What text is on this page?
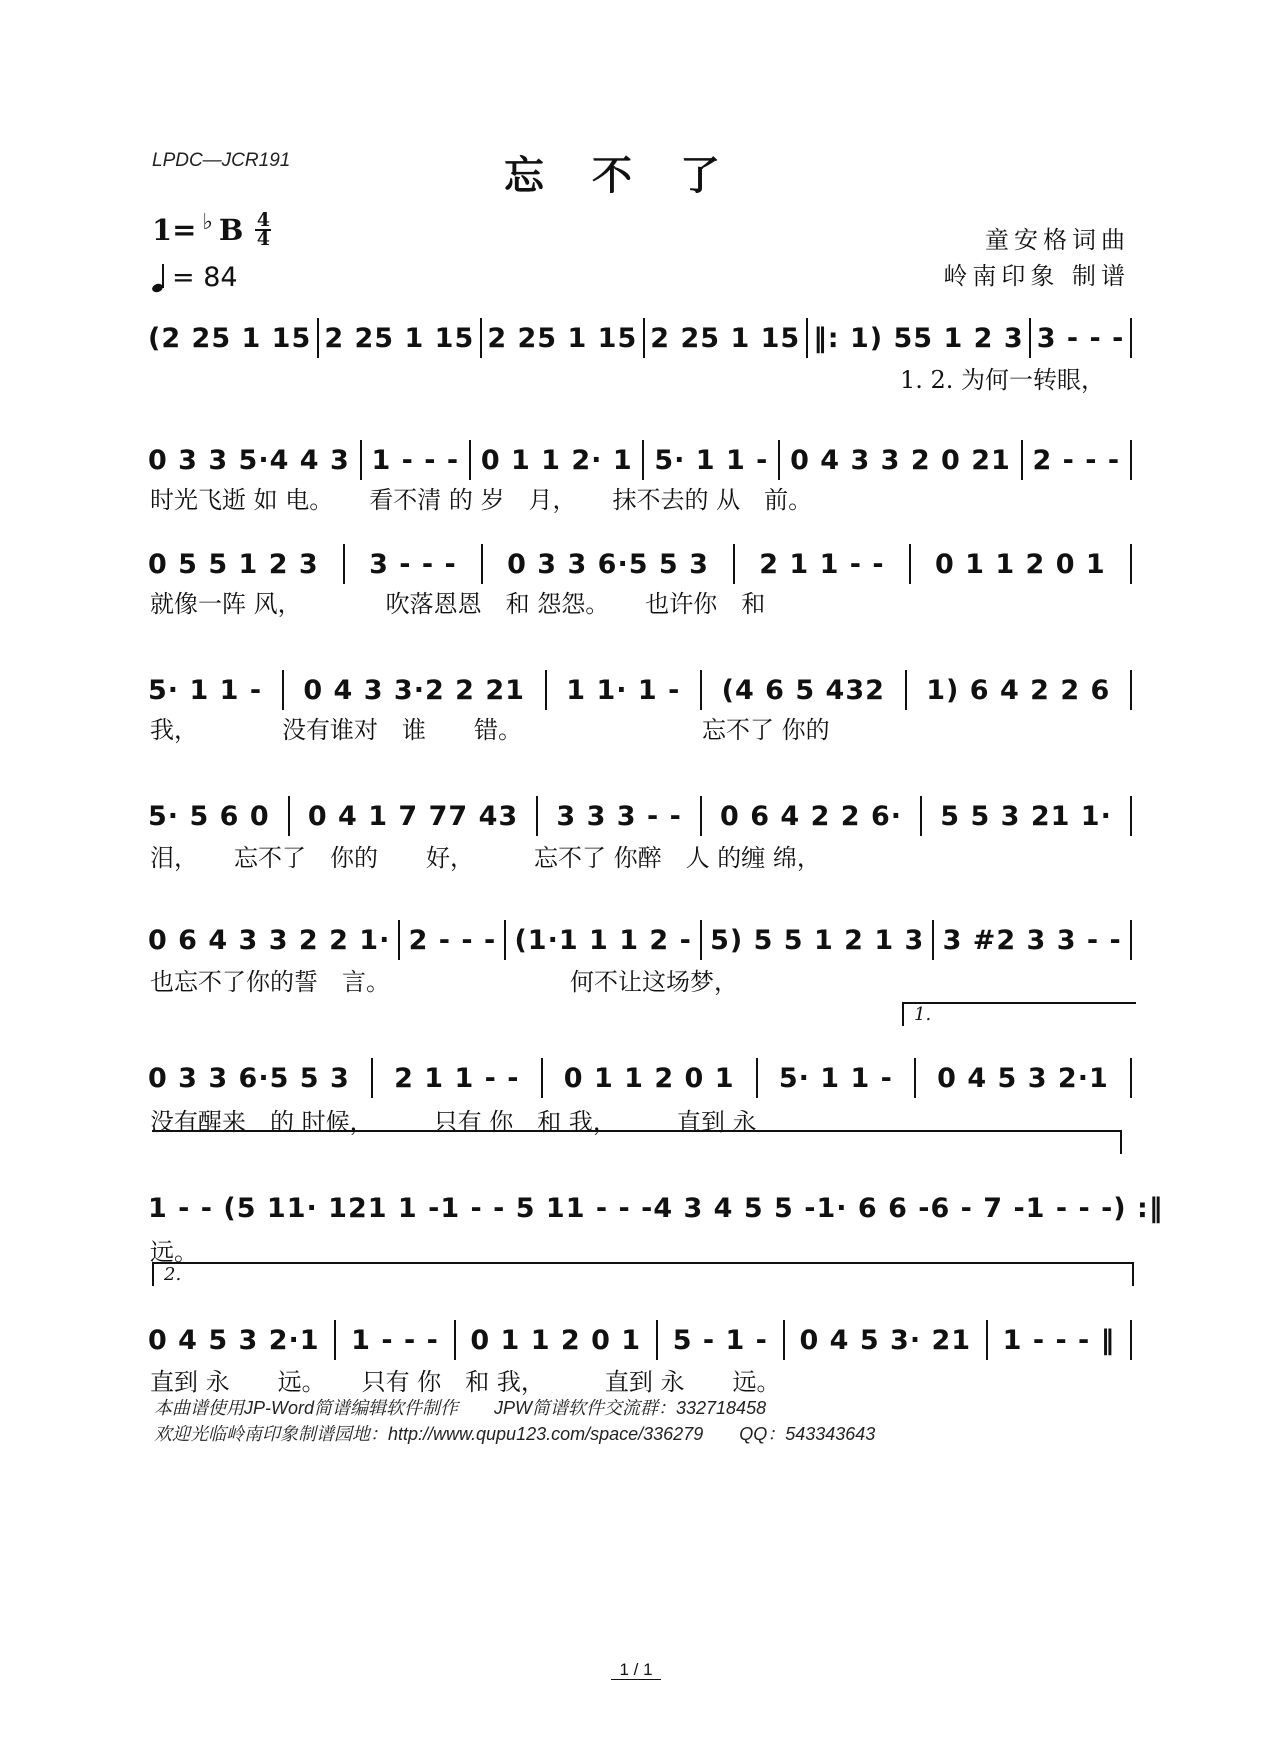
LPDC—JCR191	忘不了
1= ♭ B 4
4
= 84
童安格词曲
岭南印象 制谱
1.
2.
(2 25 1 15 2 25 1 15 2 25 1 15 2 25 1 15 ‖: 1) 55 1 2 3 3 - - -
1. 2. 为何一转眼，
0 3 3 5·4 4 3 1 - - - 0 1 1 2· 1 5· 1 1 - 0 4 3 3 2 0 21 2 - - -
时光飞逝 如 电。　　看不清 的 岁　月，　　抹不去的 从　前。
0 5 5 1 2 3 3 - - - 0 3 3 6·5 5 3 2 1 1 - - 0 1 1 2 0 1
就像一阵 风，　　　　吹落恩恩　和 怨怨。　　也许你　和
5· 1 1 - 0 4 3 3·2 2 21 1 1· 1 - (4 6 5 432 1) 6 4 2 2 6
我，　　　　没有谁对　谁　　错。　　　　　　　　忘不了 你的
5· 5 6 0 0 4 1 7 77 43 3 3 3 - - 0 6 4 2 2 6· 5 5 3 21 1·
泪，　　忘不了　你的　　好，　　　忘不了 你醉　人 的缠 绵，
0 6 4 3 3 2 2 1· 2 - - - (1·1 1 1 2 - 5) 5 5 1 2 1 3 3 #2 3 3 - -
也忘不了你的誓　言。　　　　　　　　何不让这场梦，
0 3 3 6·5 5 3 2 1 1 - - 0 1 1 2 0 1 5· 1 1 - 0 4 5 3 2·1
没有醒来　的 时候，　　　只有 你　和 我，　　　直到 永
1 - - (5 1 1· 121 1 - 1 - - 5 1 1 - - - 4 3 4 5 5 - 1· 6 6 - 6 - 7 - 1 - - -) :‖
远。
0 4 5 3 2·1 1 - - - 0 1 1 2 0 1 5 - 1 - 0 4 5 3· 21 1 - - - ‖
直到 永　　远。　　只有 你　和 我，　　　直到 永　　远。
本曲谱使用JP-Word简谱编辑软件制作　　JPW简谱软件交流群：332718458
欢迎光临岭南印象制谱园地：http://www.qupu123.com/space/336279　　QQ：543343643
1 / 1
